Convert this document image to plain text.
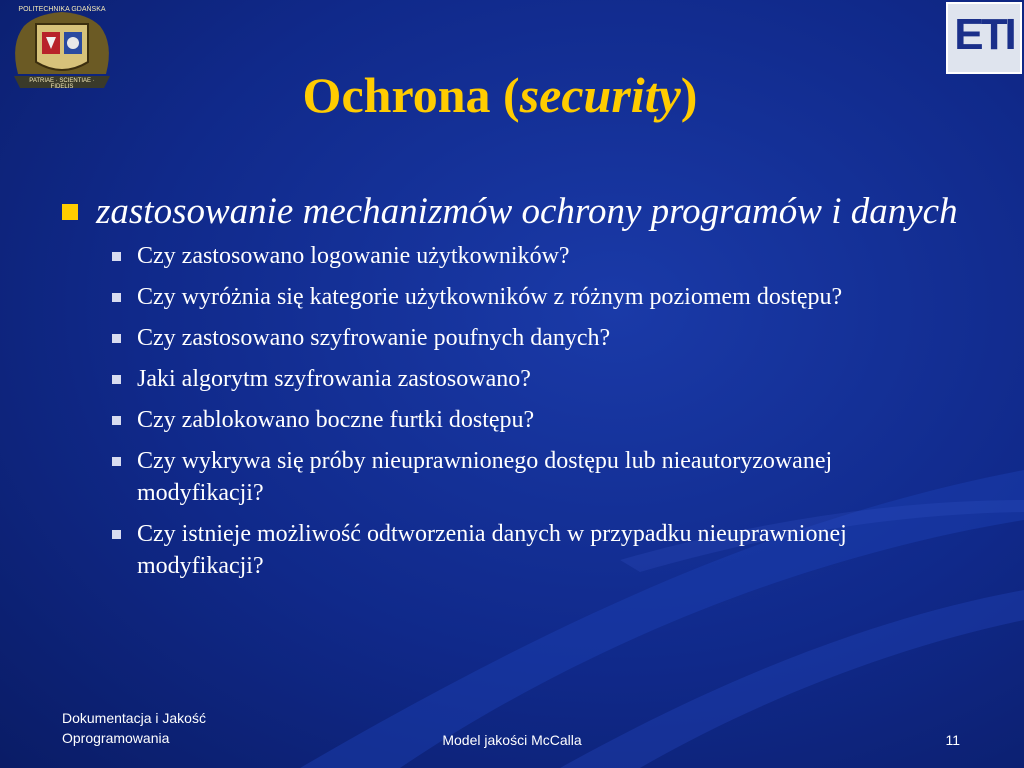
POLITECHNIKA GDAŃSKA
PATRIAE · SCIENTIAE · FIDELIS
ETI
Ochrona (security)
zastosowanie mechanizmów ochrony programów i danych
Czy zastosowano logowanie użytkowników?
Czy wyróżnia się kategorie użytkowników z różnym poziomem dostępu?
Czy zastosowano szyfrowanie poufnych danych?
Jaki algorytm szyfrowania zastosowano?
Czy zablokowano boczne furtki dostępu?
Czy wykrywa się próby nieuprawnionego dostępu lub nieautoryzowanej modyfikacji?
Czy istnieje możliwość odtworzenia danych w przypadku nieuprawnionej modyfikacji?
Dokumentacja i Jakość
Oprogramowania	Model jakości McCalla	11
